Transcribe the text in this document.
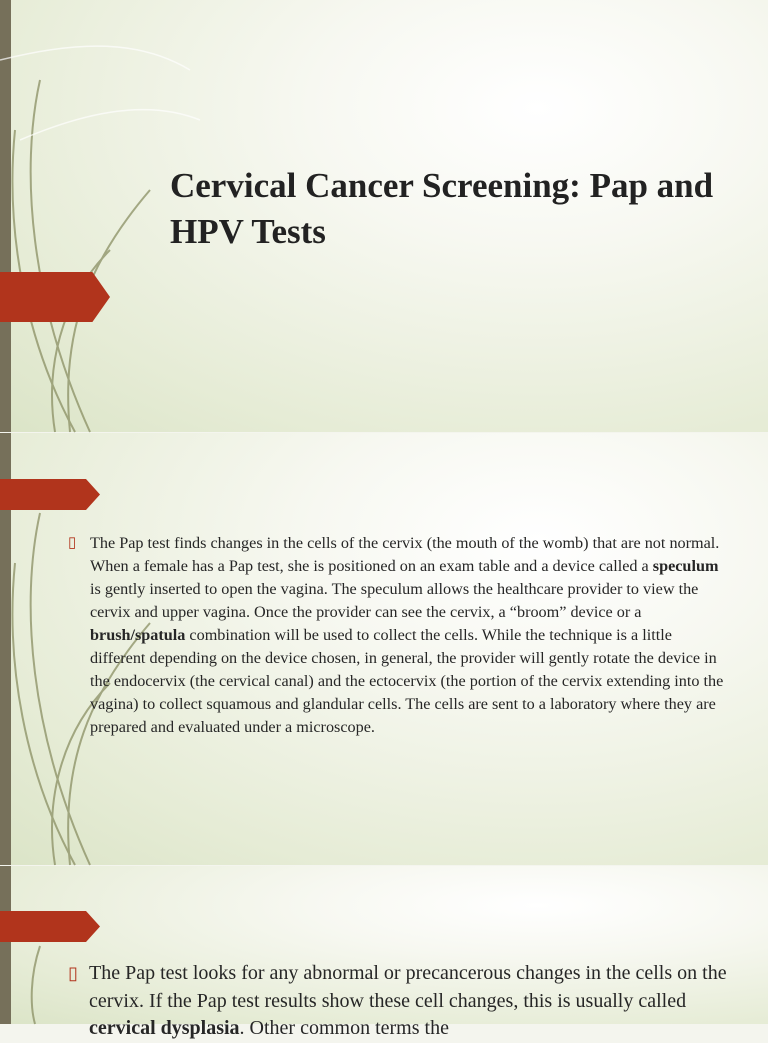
Cervical Cancer Screening: Pap and HPV Tests
▯ The Pap test finds changes in the cells of the cervix (the mouth of the womb) that are not normal. When a female has a Pap test, she is positioned on an exam table and a device called a speculum is gently inserted to open the vagina. The speculum allows the healthcare provider to view the cervix and upper vagina. Once the provider can see the cervix, a “broom” device or a brush/spatula combination will be used to collect the cells. While the technique is a little different depending on the device chosen, in general, the provider will gently rotate the device in the endocervix (the cervical canal) and the ectocervix (the portion of the cervix extending into the vagina) to collect squamous and glandular cells. The cells are sent to a laboratory where they are prepared and evaluated under a microscope.

▯ The Pap test looks for any abnormal or precancerous changes in the cells on the cervix. If the Pap test results show these cell changes, this is usually called cervical dysplasia. Other common terms the
